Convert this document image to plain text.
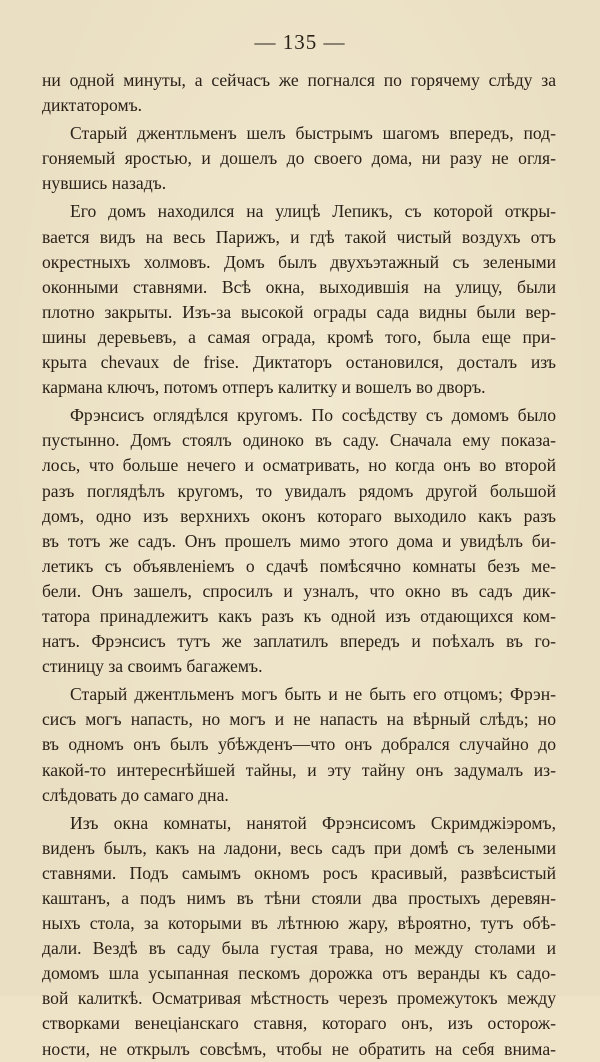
— 135 —
ни одной минуты, а сейчасъ же погнался по горячему слѣду за
диктаторомъ.
Старый джентльменъ шелъ быстрымъ шагомъ впередъ, под-
гоняемый яростью, и дошелъ до своего дома, ни разу не огля-
нувшись назадъ.
Его домъ находился на улицѣ Лепикъ, съ которой откры-
вается видъ на весь Парижъ, и гдѣ такой чистый воздухъ отъ
окрестныхъ холмовъ. Домъ былъ двухъэтажный съ зелеными
оконными ставнями. Всѣ окна, выходившія на улицу, были
плотно закрыты. Изъ-за высокой ограды сада видны были вер-
шины деревьевъ, а самая ограда, кромѣ того, была еще при-
крыта chevaux de frise. Диктаторъ остановился, досталъ изъ
кармана ключъ, потомъ отперъ калитку и вошелъ во дворъ.
Фрэнсисъ оглядѣлся кругомъ. По сосѣдству съ домомъ было
пустынно. Домъ стоялъ одиноко въ саду. Сначала ему показа-
лось, что больше нечего и осматривать, но когда онъ во второй
разъ поглядѣлъ кругомъ, то увидалъ рядомъ другой большой
домъ, одно изъ верхнихъ оконъ котораго выходило какъ разъ
въ тотъ же садъ. Онъ прошелъ мимо этого дома и увидѣлъ би-
летикъ съ объявленіемъ о сдачѣ помѣсячно комнаты безъ ме-
бели. Онъ зашелъ, спросилъ и узналъ, что окно въ садъ дик-
татора принадлежитъ какъ разъ къ одной изъ отдающихся ком-
натъ. Фрэнсисъ тутъ же заплатилъ впередъ и поѣхалъ въ го-
стиницу за своимъ багажемъ.
Старый джентльменъ могъ быть и не быть его отцомъ; Фрэн-
сисъ могъ напасть, но могъ и не напасть на вѣрный слѣдъ; но
въ одномъ онъ былъ убѣжденъ—что онъ добрался случайно до
какой-то интереснѣйшей тайны, и эту тайну онъ задумалъ из-
слѣдовать до самаго дна.
Изъ окна комнаты, нанятой Фрэнсисомъ Скримджіэромъ,
виденъ былъ, какъ на ладони, весь садъ при домѣ съ зелеными
ставнями. Подъ самымъ окномъ росъ красивый, развѣсистый
каштанъ, а подъ нимъ въ тѣни стояли два простыхъ деревян-
ныхъ стола, за которыми въ лѣтнюю жару, вѣроятно, тутъ обѣ-
дали. Вездѣ въ саду была густая трава, но между столами и
домомъ шла усыпанная пескомъ дорожка отъ веранды къ садо-
вой калиткѣ. Осматривая мѣстность черезъ промежутокъ между
створками венеціанскаго ставня, котораго онъ, изъ осторож-
ности, не открылъ совсѣмъ, чтобы не обратить на себя внима-
